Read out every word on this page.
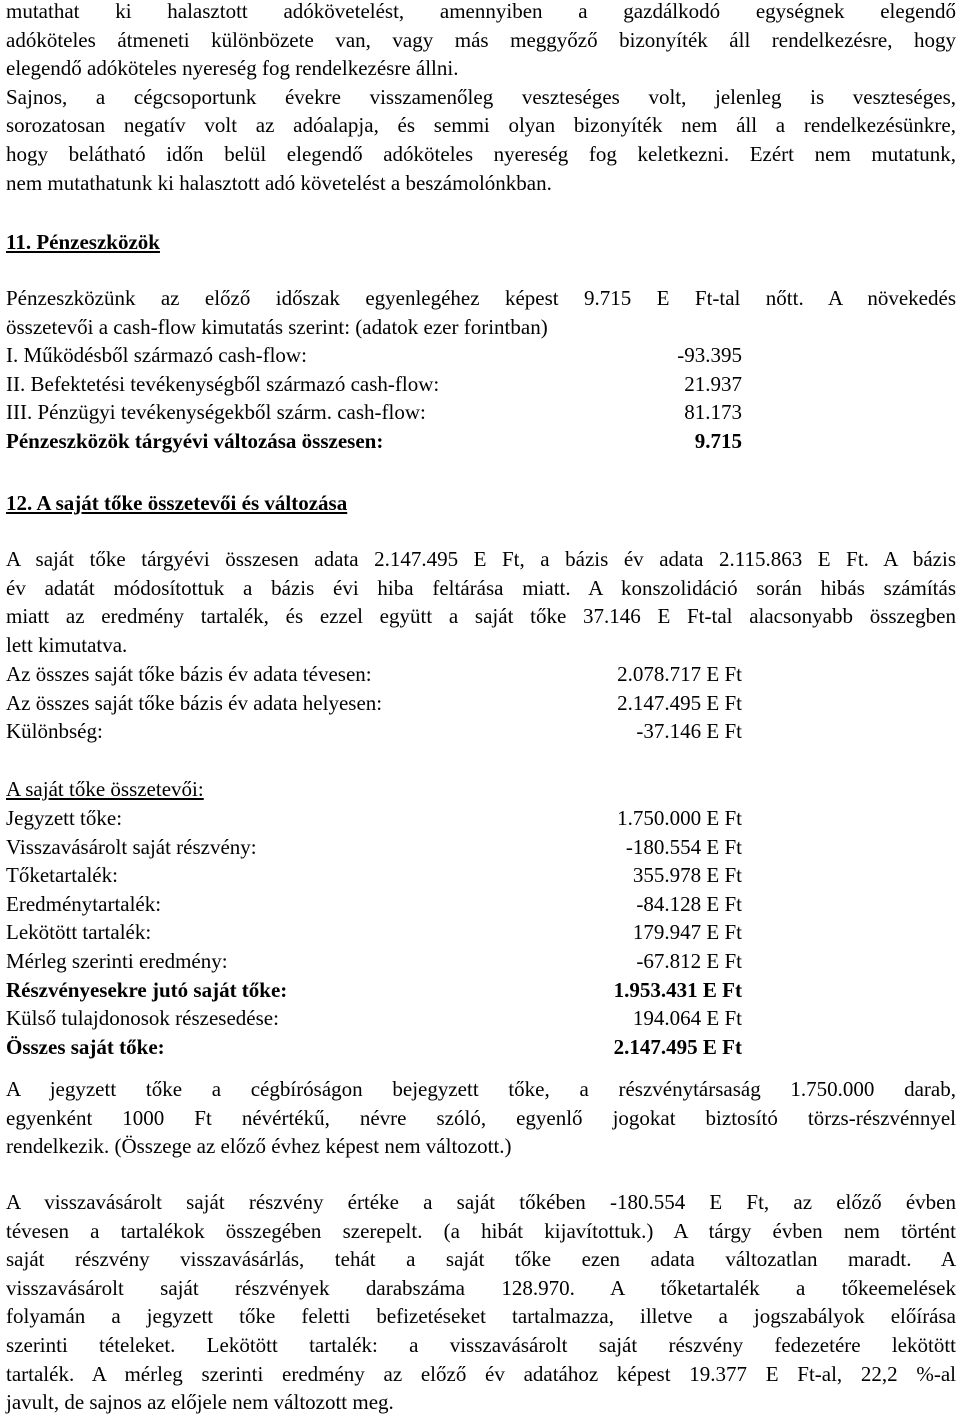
mutathat ki halasztott adókövetelést, amennyiben a gazdálkodó egységnek elegendő

adóköteles átmeneti különbözete van, vagy más meggyőző bizonyíték áll rendelkezésre, hogy

elegendő adóköteles nyereség fog rendelkezésre állni.

Sajnos, a cégcsoportunk évekre visszamenőleg veszteséges volt, jelenleg is veszteséges,

sorozatosan negatív volt az adóalapja, és semmi olyan bizonyíték nem áll a rendelkezésünkre,

hogy belátható időn belül elegendő adóköteles nyereség fog keletkezni. Ezért nem mutatunk,

nem mutathatunk ki halasztott adó követelést a beszámolónkban.

11. Pénzeszközök

Pénzeszközünk az előző időszak egyenlegéhez képest 9.715 E Ft-tal nőtt. A növekedés

összetevői a cash-flow kimutatás szerint: (adatok ezer forintban)

I. Működésből származó cash-flow:	-93.395
II. Befektetési tevékenységből származó cash-flow:	21.937
III. Pénzügyi tevékenységekből szárm. cash-flow:	81.173
Pénzeszközök tárgyévi változása összesen:	9.715
12. A saját tőke összetevői és változása

A saját tőke tárgyévi összesen adata 2.147.495 E Ft, a bázis év adata 2.115.863 E Ft. A bázis

év adatát módosítottuk a bázis évi hiba feltárása miatt. A konszolidáció során hibás számítás

miatt az eredmény tartalék, és ezzel együtt a saját tőke 37.146 E Ft-tal alacsonyabb összegben

lett kimutatva.

Az összes saját tőke bázis év adata tévesen:	2.078.717 E Ft
Az összes saját tőke bázis év adata helyesen:	2.147.495 E Ft
Különbség:	-37.146 E Ft
A saját tőke összetevői:
Jegyzett tőke:	1.750.000 E Ft
Visszavásárolt saját részvény:	-180.554 E Ft
Tőketartalék:	355.978 E Ft
Eredménytartalék:	-84.128 E Ft
Lekötött tartalék:	179.947 E Ft
Mérleg szerinti eredmény:	-67.812 E Ft
Részvényesekre jutó saját tőke:	1.953.431 E Ft
Külső tulajdonosok részesedése:	194.064 E Ft
Összes saját tőke:	2.147.495 E Ft

A jegyzett tőke a cégbíróságon bejegyzett tőke, a részvénytársaság 1.750.000 darab,

egyenként 1000 Ft névértékű, névre szóló, egyenlő jogokat biztosító törzs-részvénnyel

rendelkezik. (Összege az előző évhez képest nem változott.)

A visszavásárolt saját részvény értéke a saját tőkében -180.554 E Ft, az előző évben

tévesen a tartalékok összegében szerepelt. (a hibát kijavítottuk.) A tárgy évben nem történt

saját részvény visszavásárlás, tehát a saját tőke ezen adata változatlan maradt. A

visszavásárolt saját részvények darabszáma 128.970. A tőketartalék a tőkeemelések

folyamán a jegyzett tőke feletti befizetéseket tartalmazza, illetve a jogszabályok előírása

szerinti tételeket. Lekötött tartalék: a visszavásárolt saját részvény fedezetére lekötött

tartalék. A mérleg szerinti eredmény az előző év adatához képest 19.377 E Ft-al, 22,2 %-al

javult, de sajnos az előjele nem változott meg.
